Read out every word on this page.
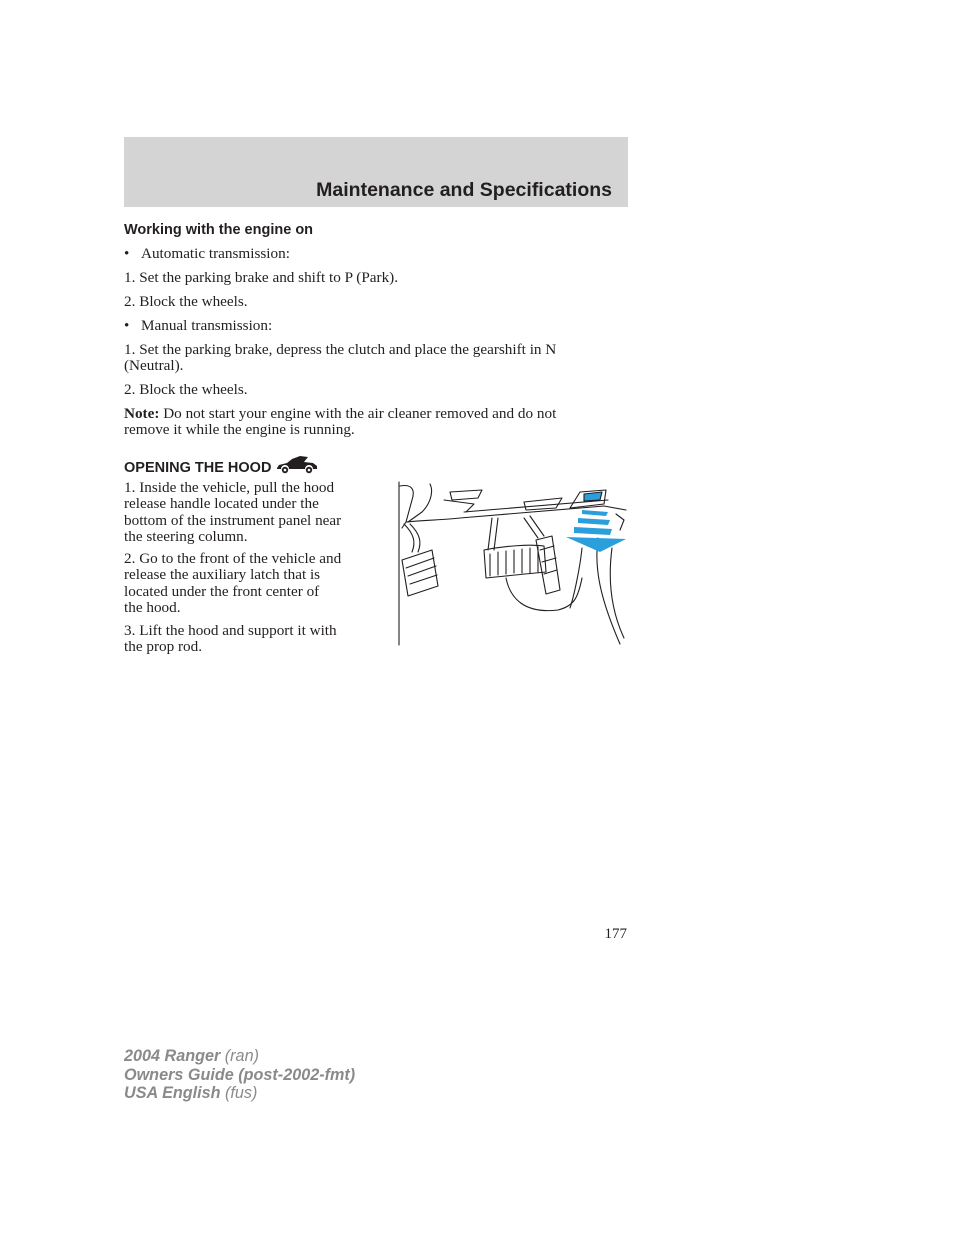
Maintenance and Specifications
Working with the engine on

• Automatic transmission:

1. Set the parking brake and shift to P (Park).

2. Block the wheels.

• Manual transmission:

1. Set the parking brake, depress the clutch and place the gearshift in N
(Neutral).

2. Block the wheels.

Note: Do not start your engine with the air cleaner removed and do not
remove it while the engine is running.

OPENING THE HOOD

1. Inside the vehicle, pull the hood
release handle located under the
bottom of the instrument panel near
the steering column.

2. Go to the front of the vehicle and
release the auxiliary latch that is
located under the front center of
the hood.

3. Lift the hood and support it with
the prop rod.

177
2004 Ranger (ran)
Owners Guide (post-2002-fmt)
USA English (fus)
